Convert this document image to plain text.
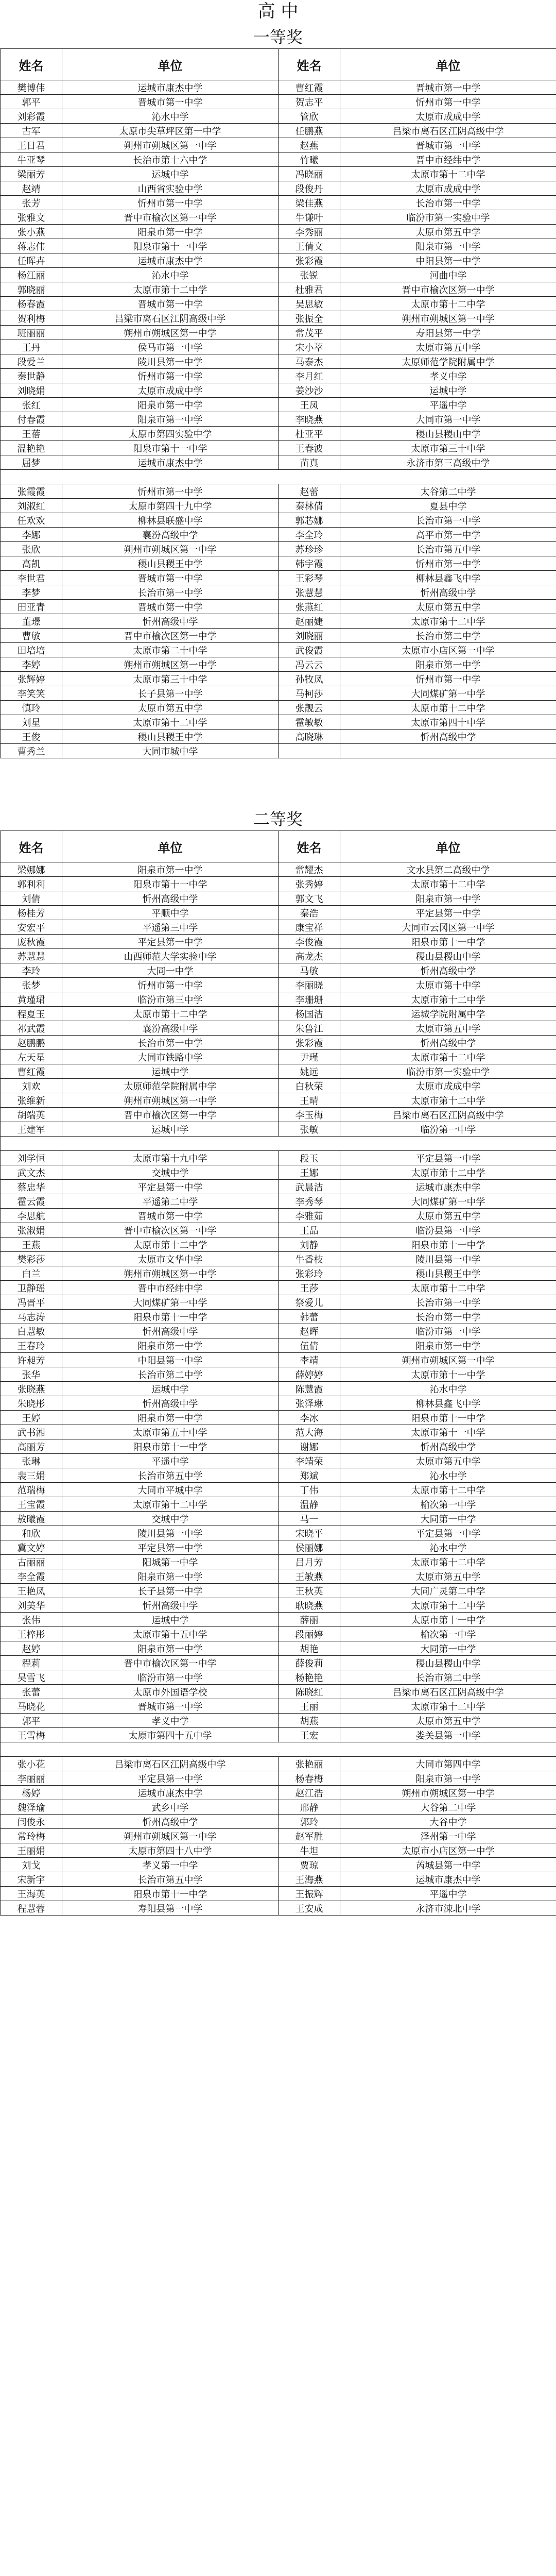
高 中
一等奖
姓名	单位	姓名	单位
樊博伟	运城市康杰中学	曹红霞	晋城市第一中学
郭平	晋城市第一中学	贺志平	忻州市第一中学
刘彩霞	沁水中学	管欣	太原市成成中学
古军	太原市尖草坪区第一中学	任鹏燕	吕梁市离石区江阴高级中学
王日君	朔州市朔城区第一中学	赵燕	晋城市第一中学
牛亚琴	长治市第十六中学	竹曦	晋中市经纬中学
梁丽芳	运城中学	冯晓丽	太原市第十二中学
赵靖	山西省实验中学	段俊丹	太原市成成中学
张芳	忻州市第一中学	梁佳燕	长治市第一中学
张雅文	晋中市榆次区第一中学	牛谦叶	临汾市第一实验中学
张小燕	阳泉市第一中学	李秀丽	太原市第五中学
蒋志伟	阳泉市第十一中学	王倩文	阳泉市第一中学
任晖卉	运城市康杰中学	张彩霞	中阳县第一中学
杨江丽	沁水中学	张锐	河曲中学
郭晓丽	太原市第十二中学	杜雅君	晋中市榆次区第一中学
杨春霞	晋城市第一中学	吴思敏	太原市第十二中学
贺利梅	吕梁市离石区江阴高级中学	张振全	朔州市朔城区第一中学
班丽丽	朔州市朔城区第一中学	常茂平	寿阳县第一中学
王丹	侯马市第一中学	宋小萃	太原市第五中学
段爱兰	陵川县第一中学	马泰杰	太原师范学院附属中学
秦世静	忻州市第一中学	李月红	孝义中学
刘晓娟	太原市成成中学	姜沙沙	运城中学
张红	阳泉市第一中学	王凤	平遥中学
付春霞	阳泉市第一中学	李晓燕	大同市第一中学
王蓓	太原市第四实验中学	杜亚平	稷山县稷山中学
温艳艳	阳泉市第十一中学	王春波	太原市第三十中学
屈梦	运城市康杰中学	苗真	永济市第三高级中学

张霞霞	忻州市第一中学	赵蕾	太谷第二中学
刘淑红	太原市第四十九中学	秦林倩	夏县中学
任欢欢	柳林县联盛中学	郭芯娜	长治市第一中学
李娜	襄汾高级中学	李全玲	高平市第一中学
张欣	朔州市朔城区第一中学	苏珍珍	长治市第五中学
高凯	稷山县稷王中学	韩宇霞	忻州市第一中学
李世君	晋城市第一中学	王彩琴	柳林县鑫飞中学
李梦	长治市第一中学	张慧慧	忻州高级中学
田亚青	晋城市第一中学	张燕红	太原市第五中学
董璟	忻州高级中学	赵丽婕	太原市第十二中学
曹敏	晋中市榆次区第一中学	刘晓丽	长治市第二中学
田培培	太原市第二十中学	武俊霞	太原市小店区第一中学
李婷	朔州市朔城区第一中学	冯云云	阳泉市第一中学
张辉婷	太原市第三十中学	孙牧凤	忻州市第一中学
李笑笑	长子县第一中学	马柯莎	大同煤矿第一中学
慎玲	太原市第五中学	张靓云	太原市第十二中学
刘星	太原市第十二中学	霍敏敏	太原市第四十中学
王俊	稷山县稷王中学	高晓琳	忻州高级中学
曹秀兰	大同市城中学		
二等奖
姓名	单位	姓名	单位
梁娜娜	阳泉市第一中学	常耀杰	文水县第二高级中学
郭利利	阳泉市第十一中学	张秀婷	太原市第十二中学
刘倩	忻州高级中学	郭文飞	阳泉市第一中学
杨桂芳	平顺中学	秦浩	平定县第一中学
安宏平	平遥第三中学	康宝祥	大同市云冈区第一中学
庞秋霞	平定县第一中学	李俊霞	阳泉市第十一中学
苏慧慧	山西师范大学实验中学	高龙杰	稷山县稷山中学
李玲	大同一中学	马敏	忻州高级中学
张梦	忻州市第一中学	李丽晓	太原市第十中学
黄瑾珺	临汾市第三中学	李珊珊	太原市第十二中学
程夏玉	太原市第十二中学	杨国洁	运城学院附属中学
祁武霞	襄汾高级中学	朱鲁江	太原市第五中学
赵鹏鹏	长治市第一中学	张彩霞	忻州高级中学
左天星	大同市铁路中学	尹瑾	太原市第十二中学
曹红霞	运城中学	姚远	临汾市第一实验中学
刘欢	太原师范学院附属中学	白秋荣	太原市成成中学
张维新	朔州市朔城区第一中学	王晴	太原市第十二中学
胡端英	晋中市榆次区第一中学	李玉梅	吕梁市离石区江阴高级中学
王建军	运城中学	张敏	临汾第一中学

刘学恒	太原市第十九中学	段玉	平定县第一中学
武文杰	交城中学	王娜	太原市第十二中学
蔡忠华	平定县第一中学	武晨洁	运城市康杰中学
霍云霞	平遥第二中学	李秀琴	大同煤矿第一中学
李思航	晋城市第一中学	李雅茹	太原市第五中学
张淑娟	晋中市榆次区第一中学	王品	临汾县第一中学
王燕	太原市第十二中学	刘静	阳泉市第十一中学
樊彩莎	太原市文华中学	牛香枝	陵川县第一中学
白兰	朔州市朔城区第一中学	张彩玲	稷山县稷王中学
卫静瑶	晋中市经纬中学	王莎	太原市第十二中学
冯晋平	大同煤矿第一中学	祭爱儿	长治市第一中学
马志涛	阳泉市第十一中学	韩蕾	长治市第一中学
白慧敏	忻州高级中学	赵晖	临汾市第一中学
王春玲	阳泉市第一中学	伍倩	阳泉市第一中学
许昶芳	中阳县第一中学	李靖	朔州市朔城区第一中学
张华	长治市第二中学	薛婷婷	太原市第十一中学
张晓燕	运城中学	陈慧霞	沁水中学
朱晓彤	忻州高级中学	张泽琳	柳林县鑫飞中学
王婷	阳泉市第一中学	李冰	阳泉市第十一中学
武书湘	太原市第五十中学	范大海	太原市第十一中学
高丽芳	阳泉市第十一中学	谢娜	忻州高级中学
张琳	平遥中学	李靖荣	太原市第五中学
裴三娟	长治市第五中学	郑斌	沁水中学
范瑞梅	大同市平城中学	丁伟	太原市第十二中学
王宝霞	太原市第十二中学	温静	榆次第一中学
敖曦霞	交城中学	马一	大同第一中学
和欣	陵川县第一中学	宋晓平	平定县第一中学
冀文婷	平定县第一中学	侯丽娜	沁水中学
古丽丽	阳城第一中学	吕月芳	太原市第十二中学
李全霞	阳泉市第一中学	王敏燕	太原市第五中学
王艳凤	长子县第一中学	王秋英	大同广灵第二中学
刘美华	忻州高级中学	耿晓燕	太原市第十二中学
张伟	运城中学	薛丽	太原市第十一中学
王梓彤	太原市第十五中学	段丽婷	榆次第一中学
赵婷	阳泉市第一中学	胡艳	大同第一中学
程莉	晋中市榆次区第一中学	薛俊莉	稷山县稷山中学
吴雪飞	临汾市第一中学	杨艳艳	长治市第二中学
张蕾	太原市外国语学校	陈晓红	吕梁市离石区江阴高级中学
马晓花	晋城市第一中学	王丽	太原市第十二中学
郭平	孝义中学	胡燕	太原市第五中学
王雪梅	太原市第四十五中学	王宏	娄关县第一中学

张小花	吕梁市离石区江阴高级中学	张艳丽	大同市第四中学
李丽丽	平定县第一中学	杨春梅	阳泉市第一中学
杨婷	运城市康杰中学	赵江浩	朔州市朔城区第一中学
魏泽瑜	武乡中学	邢静	大谷第二中学
闫俊永	忻州高级中学	郭玲	大谷中学
常玲梅	朔州市朔城区第一中学	赵军胜	泽州第一中学
王丽娟	太原市第四十八中学	牛坦	太原市小店区第一中学
刘戈	孝义第一中学	贾琼	芮城县第一中学
宋新宇	长治市第五中学	王海燕	运城市康杰中学
王海英	阳泉市第十一中学	王振辉	平遥中学
程慧蓉	寿阳县第一中学	王安成	永济市涑北中学
